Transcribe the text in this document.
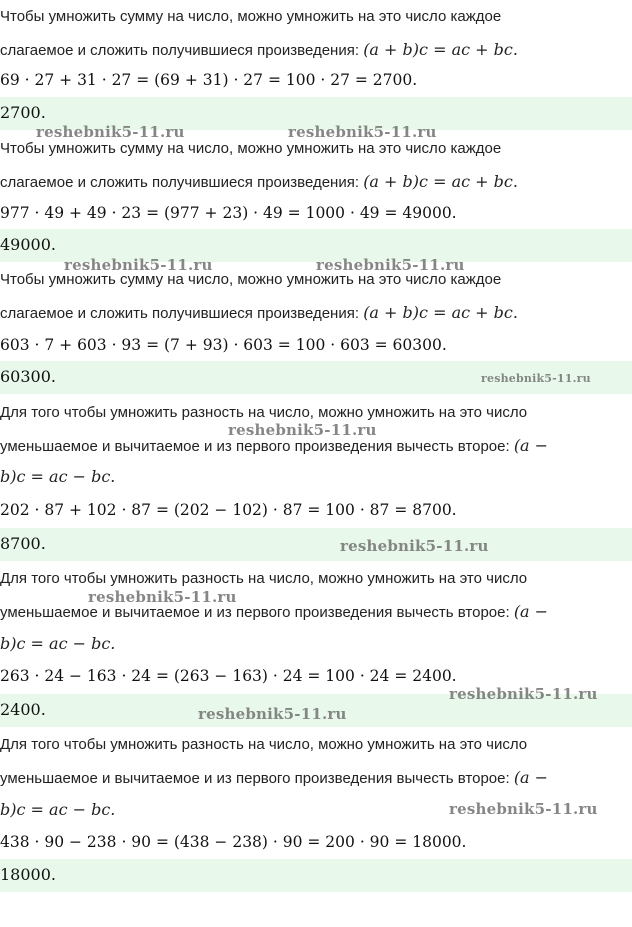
Чтобы умножить сумму на число, можно умножить на это число каждое
слагаемое и сложить получившиеся произведения: (a + b)c = ac + bc.
69 · 27 + 31 · 27 = (69 + 31) · 27 = 100 · 27 = 2700.
2700.
Чтобы умножить сумму на число, можно умножить на это число каждое
слагаемое и сложить получившиеся произведения: (a + b)c = ac + bc.
977 · 49 + 49 · 23 = (977 + 23) · 49 = 1000 · 49 = 49000.
49000.
Чтобы умножить сумму на число, можно умножить на это число каждое
слагаемое и сложить получившиеся произведения: (a + b)c = ac + bc.
603 · 7 + 603 · 93 = (7 + 93) · 603 = 100 · 603 = 60300.
60300.
Для того чтобы умножить разность на число, можно умножить на это число
уменьшаемое и вычитаемое и из первого произведения вычесть второе: (a −
b)c = ac − bc.
202 · 87 + 102 · 87 = (202 − 102) · 87 = 100 · 87 = 8700.
8700.
Для того чтобы умножить разность на число, можно умножить на это число
уменьшаемое и вычитаемое и из первого произведения вычесть второе: (a −
b)c = ac − bc.
263 · 24 − 163 · 24 = (263 − 163) · 24 = 100 · 24 = 2400.
2400.
Для того чтобы умножить разность на число, можно умножить на это число
уменьшаемое и вычитаемое и из первого произведения вычесть второе: (a −
b)c = ac − bc.
438 · 90 − 238 · 90 = (438 − 238) · 90 = 200 · 90 = 18000.
18000.
reshebnik5-11.ru	reshebnik5-11.ru
reshebnik5-11.ru	reshebnik5-11.ru
reshebnik5-11.ru
reshebnik5-11.ru
reshebnik5-11.ru
reshebnik5-11.ru
reshebnik5-11.ru
reshebnik5-11.ru
reshebnik5-11.ru
